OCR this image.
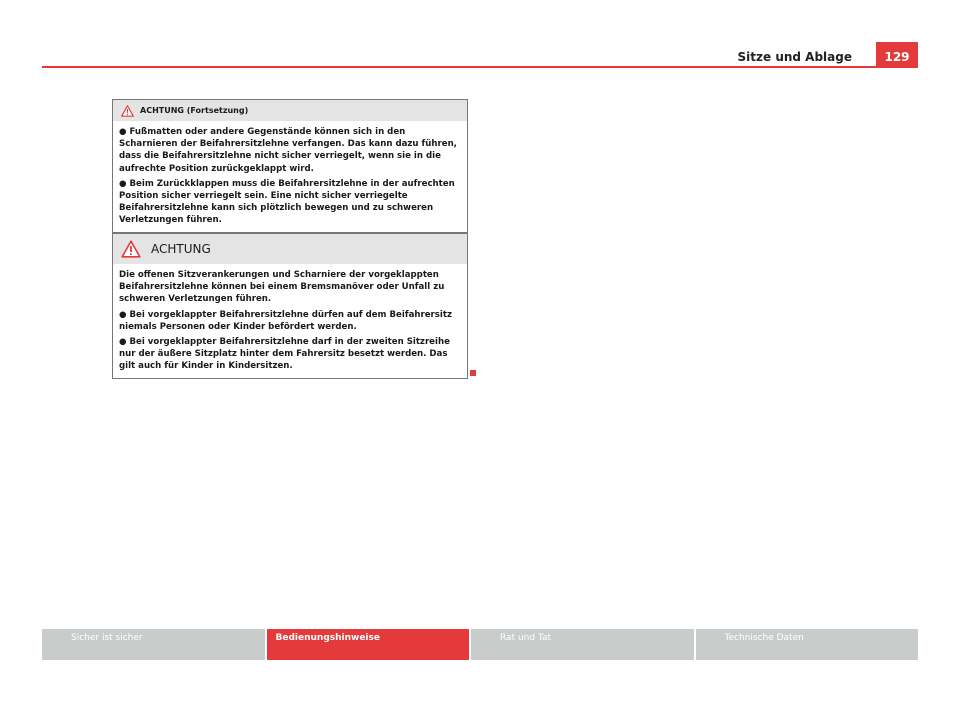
Sitze und Ablage	129
ACHTUNG (Fortsetzung)

● Fußmatten oder andere Gegenstände können sich in den Scharnieren der Beifahrersitzlehne verfangen. Das kann dazu führen, dass die Beifahrersitzlehne nicht sicher verriegelt, wenn sie in die aufrechte Position zurückgeklappt wird.

● Beim Zurückklappen muss die Beifahrersitzlehne in der aufrechten Position sicher verriegelt sein. Eine nicht sicher verriegelte Beifahrersitzlehne kann sich plötzlich bewegen und zu schweren Verletzungen führen.

ACHTUNG

Die offenen Sitzverankerungen und Scharniere der vorgeklappten Beifahrersitzlehne können bei einem Bremsmanöver oder Unfall zu schweren Verletzungen führen.

● Bei vorgeklappter Beifahrersitzlehne dürfen auf dem Beifahrersitz niemals Personen oder Kinder befördert werden.

● Bei vorgeklappter Beifahrersitzlehne darf in der zweiten Sitzreihe nur der äußere Sitzplatz hinter dem Fahrersitz besetzt werden. Das gilt auch für Kinder in Kindersitzen.

Sicher ist sicher	Bedienungshinweise	Rat und Tat	Technische Daten
